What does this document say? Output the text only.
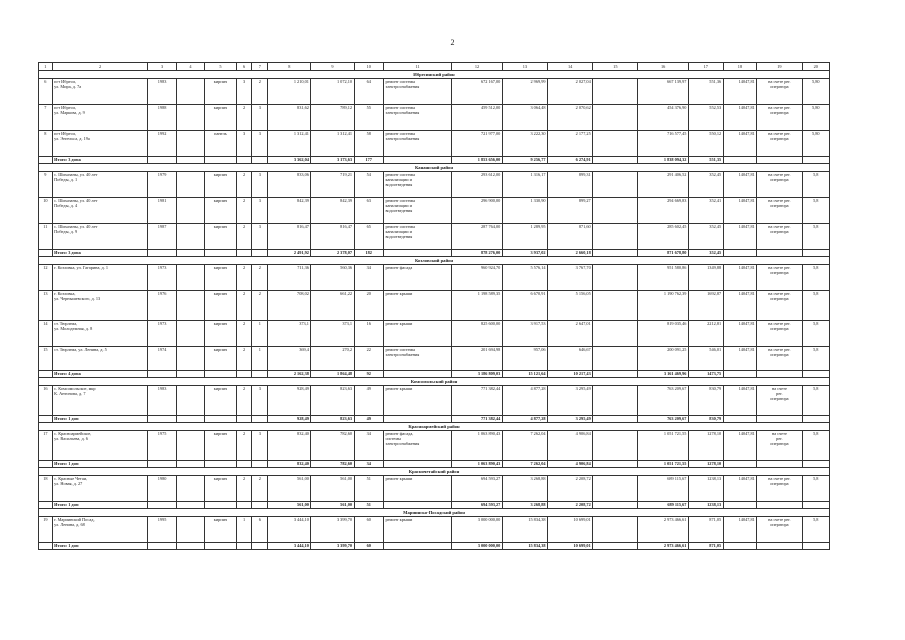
2
1	2	3	4	5	6	7	8	9	10	11	12	13	14	15	16	17	18	19	20
Ибресинский район																			
6	пгт Ибреси,
ул. Мира, д. 7а	1983		кирпич	3	2	1 210,01	1 072,10	64	ремонт системы
электроснабжения	672 167,00	2 969,99	2 027,04		667 139,97	551,36	14047,81	на счете рег.
оператора	5,80
7	пгт Ибреси,
ул. Маркова, д. 9	1988		кирпич	2	3	831,62	789,12	55	ремонт системы
электроснабжения	459 512,00	3 064,48	2 070,62		454 376,90	552,53	14047,81	на счете рег.
оператора	5,80
8	пгт Ибреси,
ул. Энгельса, д. 19а	1992		панель	3	3	1 312,41	1 312,41	58	ремонт системы
электроснабжения	721 977,00	3 222,30	2 177,25		716 577,45	550,12	14047,81	на счете рег.
оператора	5,80
	Итого: 3 дома						3 362,04	3 173,63	177		1 853 656,00	9 256,77	6 274,91		1 838 094,32	551,35			
Канашский район																			
9	с. Шихазаны, ул. 40 лет
Победы, д. 1	1979		кирпич	2	3	833,06	719,21	54	ремонт системы
канализации и
водоотведения	293 612,00	1 316,17	899,31		291 406,52	352,45	14047,81	на счете рег.
оператора	5,8
10	с. Шихазаны, ул. 40 лет
Победы, д. 4	1981		кирпич	2	3	842,39	842,39	63	ремонт системы
канализации и
водоотведения	296 900,00	1 330,90	899,27		294 669,83	352,41	14047,81	на счете рег.
оператора	5,8
11	с. Шихазаны, ул. 40 лет
Победы, д. 9	1987		кирпич	2	3	816,47	816,47	65	ремонт системы
канализации и
водоотведения	287 764,00	1 289,95	871,60		285 602,45	352,45	14047,81	на счете рег.
оператора	5,8
	Итого: 3 дома						2 491,92	2 378,07	182		878 276,00	3 937,02	2 660,18		871 678,80	352,45			
Козловский район																			
12	г. Козловка, ул. Гагарина, д. 1	1973		кирпич	2	2	711,36	560,36	34	ремонт фасада	960 924,70	5 576,14	3 767,70		951 580,86	1349,88	14047,81	на счете рег.
оператора	5,8
13	г. Козловка,
ул. Чернышевского, д. 13	1976		кирпич	2	2	708,02	661,22	20	ремонт крыши	1 198 589,35	6 670,91	5 156,05		1 190 762,39	1692,87	14047,81	на счете рег.
оператора	5,8
14	ст. Тюрлема,
ул. Молодежная, д. 8	1973		кирпич	2	1	373,1	373,1	16	ремонт крыши	825 600,00	3 917,53	2 647,01		819 035,46	2212,81	14047,81	на счете рег.
оператора	5,8
15	ст. Тюрлема, ул. Ленина, д. 5	1974		кирпич	2	1	369,4	270,2	22	ремонт системы
электроснабжения	201 694,98	957,06	646,67		200 091,25	546,01	14047,81	на счете рег.
оператора	5,8
	Итого: 4 дома						2 162,38	1 864,48	92		3 186 809,03	15 121,64	10 217,43		3 161 469,96	1473,75			
Комсомольский район																			
16	с. Комсомольское, мкр
К. Антонова, д. 7	1983		кирпич	2	3	928,49	823,63	49	ремонт крыши	771 382,44	4 877,28	3 295,49		763 209,67	830,79	14047,81	на счете
рег.
оператора	5,8
	Итого: 1 дом						928,49	823,63	49		771 382,44	4 877,28	3 295,49		763 209,67	830,79			
Красноармейский район																			
17	с. Красноармейское,
ул. Васильева, д. 6	1975		кирпич	2	3	832,40	782,60	34	ремонт фасада,
системы
электроснабжения	1 063 890,43	7 262,04	4 906,84		1 051 721,55	1278,10	14047,81	на счете
рег.
оператора	5,8
	Итого: 1 дом						832,40	782,60	34		1 063 890,43	7 262,04	4 906,84		1 051 721,55	1278,10			
Красночетайский район																			
18	с. Красные Четаи,
ул. Новая, д. 27	1980		кирпич	2	2	561,00	561,00	51	ремонт крыши	694 593,27	3 268,88	2 208,72		689 115,67	1238,13	14047,81	на счете рег.
оператора	5,8
	Итого: 1 дом						561,00	561,00	51		694 593,27	3 268,88	2 208,72		689 115,67	1238,13			
Мариинско-Посадский район																			
19	г. Мариинский Посад,
ул. Ленина, д. 68	1995		кирпич	1	6	3 444,10	3 399,70	60	ремонт крыши	3 000 000,00	15 834,38	10 699,01		2 973 466,61	871,05	14047,81	на счете рег.
оператора	5,8
	Итого: 1 дом						3 444,10	3 399,70	60		3 000 000,00	15 834,38	10 699,01		2 973 466,61	871,05			
